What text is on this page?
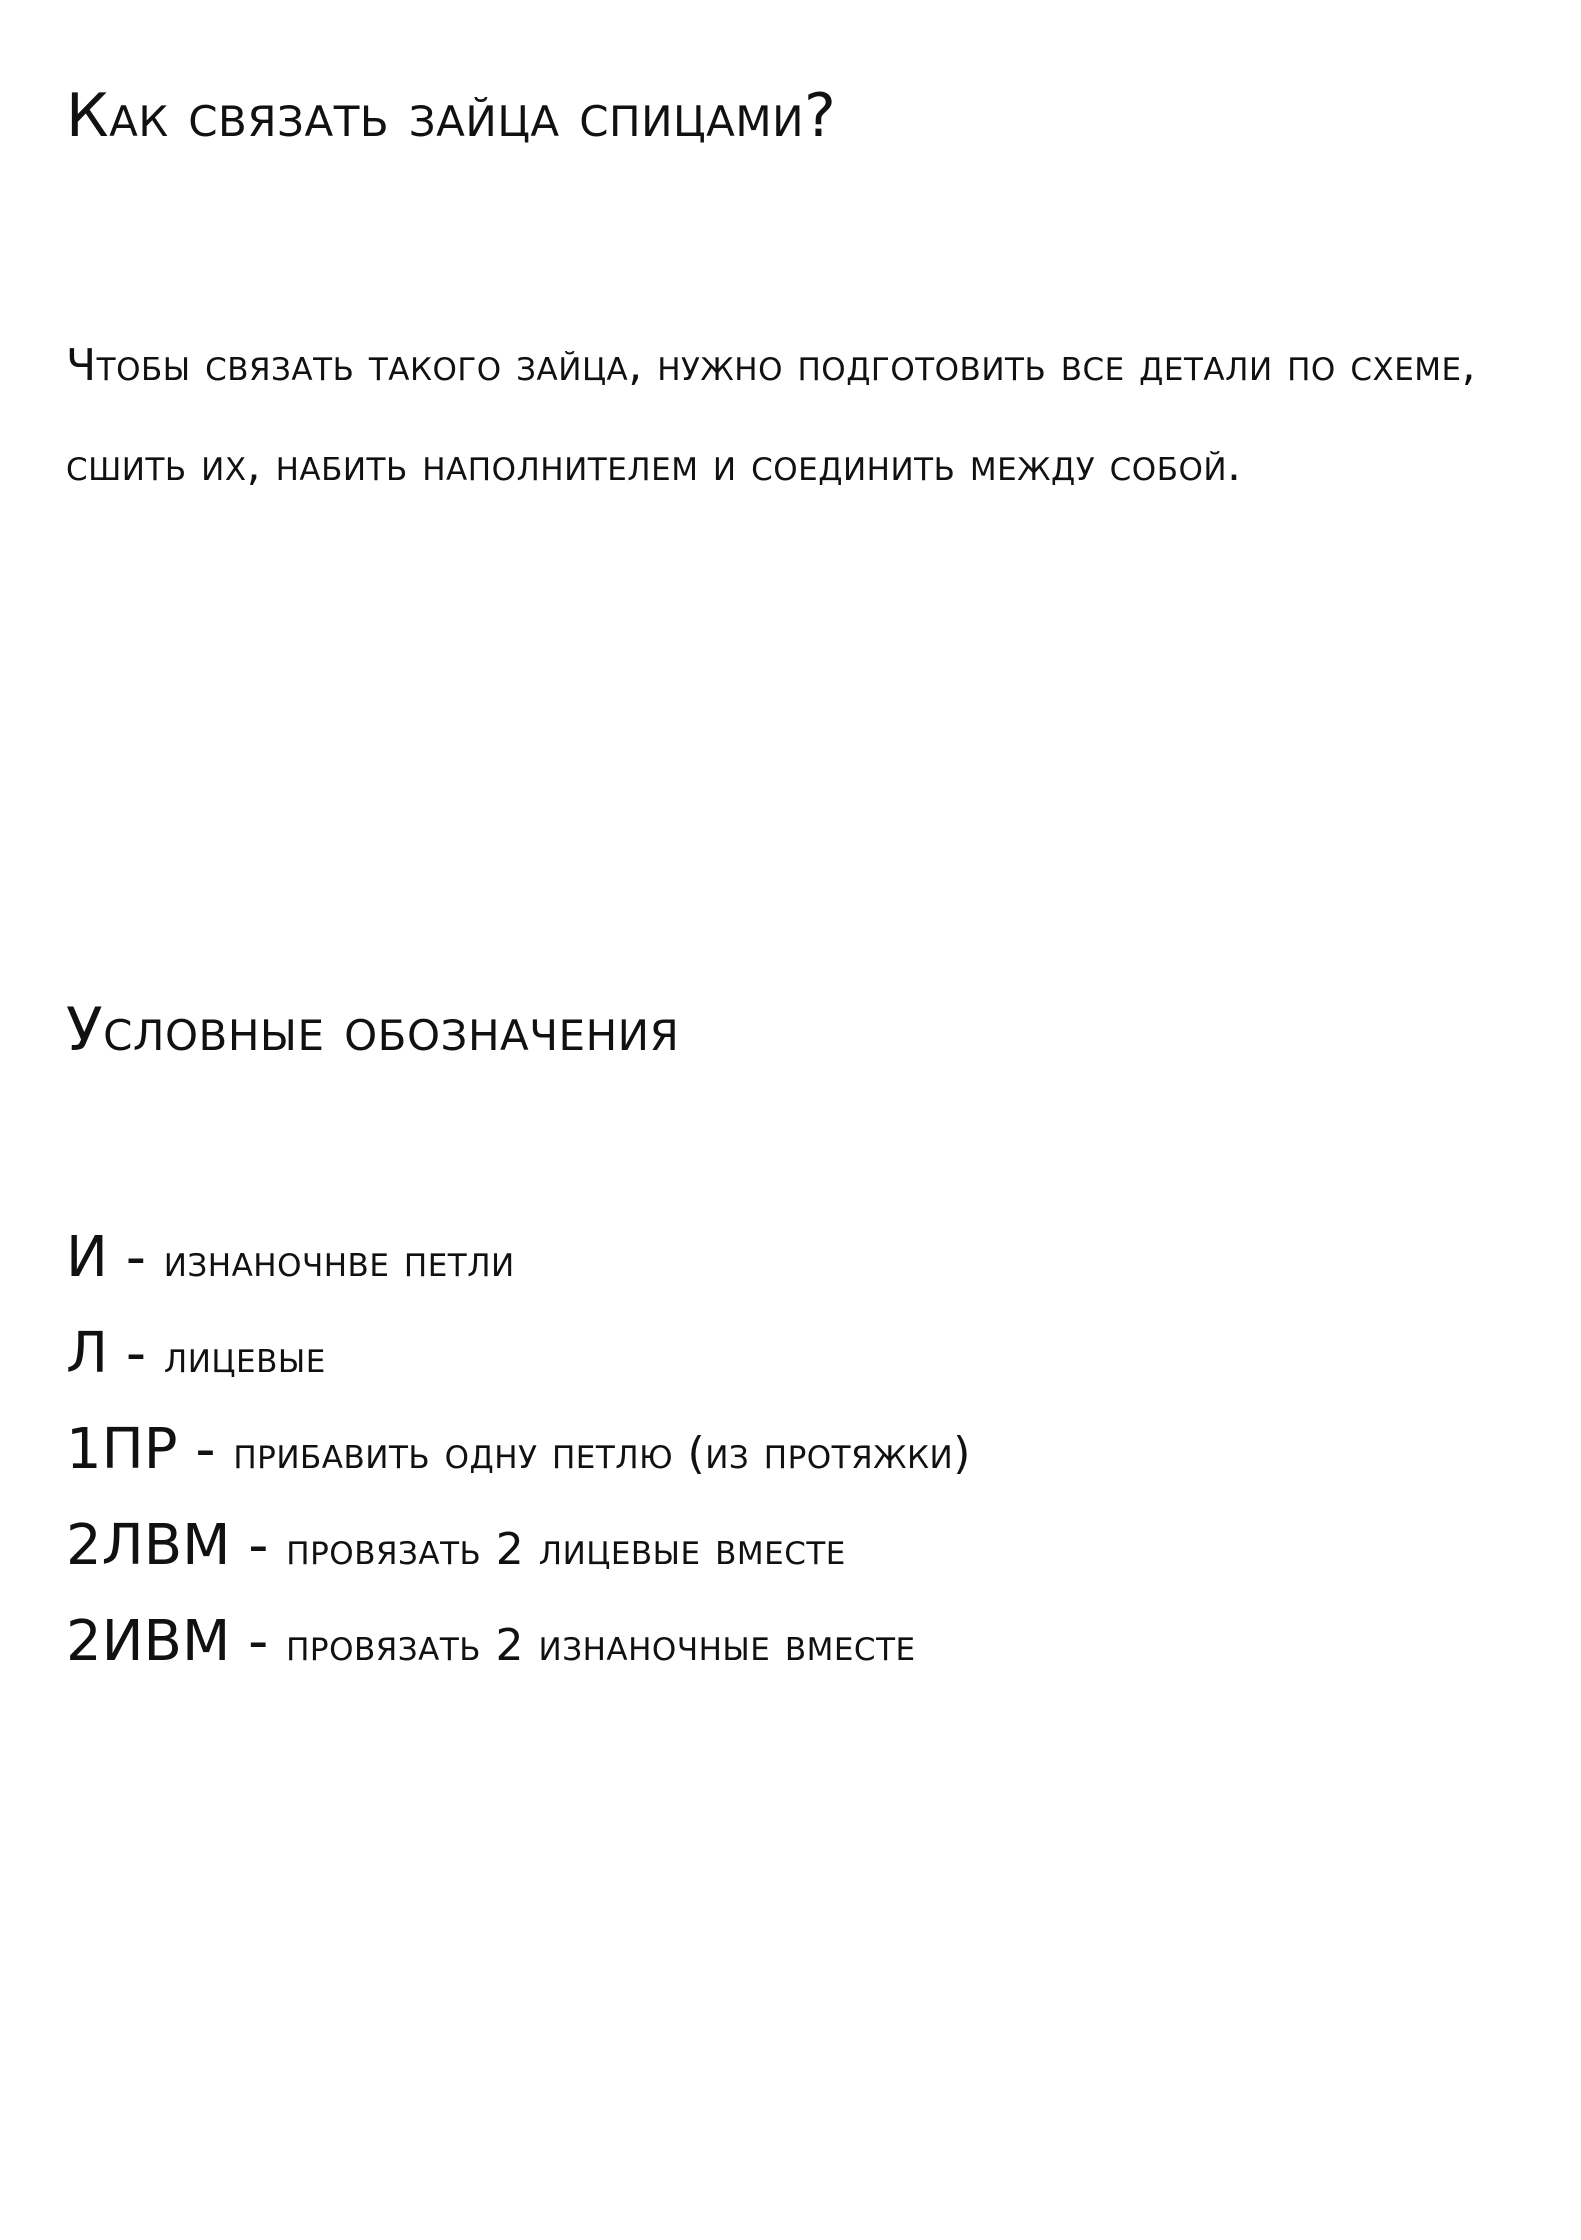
Как связать зайца спицами?

Чтобы связать такого зайца, нужно подготовить все детали по схеме, сшить их, набить наполнителем и соединить между собой.

Условные обозначения
И - изнаночнве петли
Л - лицевые
1ПР - прибавить одну петлю (из протяжки)
2ЛВМ - провязать 2 лицевые вместе
2ИВМ - провязать 2 изнаночные вместе
